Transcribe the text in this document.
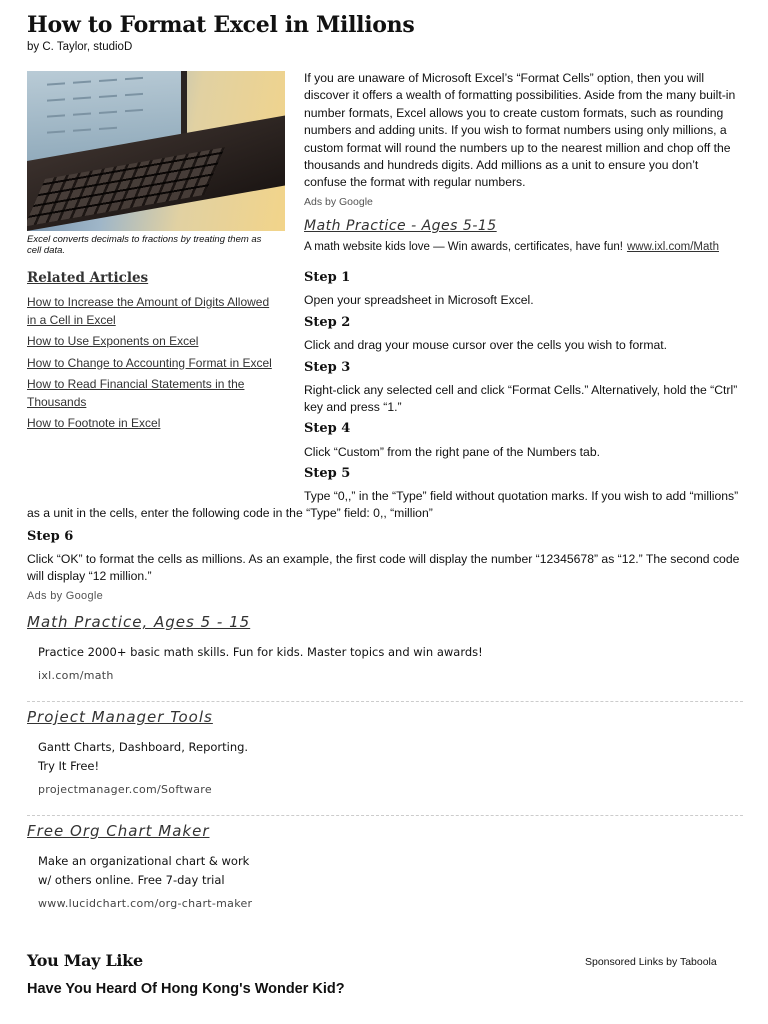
How to Format Excel in Millions
by C. Taylor, studioD
Excel converts decimals to fractions by treating them as cell data.
Related Articles
How to Increase the Amount of Digits Allowed in a Cell in Excel
How to Use Exponents on Excel
How to Change to Accounting Format in Excel
How to Read Financial Statements in the Thousands
How to Footnote in Excel

If you are unaware of Microsoft Excel’s “Format Cells” option, then you will discover it offers a wealth of formatting possibilities. Aside from the many built-in number formats, Excel allows you to create custom formats, such as rounding numbers and adding units. If you wish to format numbers using only millions, a custom format will round the numbers up to the nearest million and chop off the thousands and hundreds digits. Add millions as a unit to ensure you don’t confuse the format with regular numbers.

Ads by Google
Math Practice - Ages 5-15
A math website kids love — Win awards, certificates, have fun! www.ixl.com/Math
Step 1

Open your spreadsheet in Microsoft Excel.

Step 2

Click and drag your mouse cursor over the cells you wish to format.

Step 3

Right-click any selected cell and click “Format Cells.” Alternatively, hold the “Ctrl” key and press “1.”

Step 4

Click “Custom” from the right pane of the Numbers tab.

Step 5

Type “0,,” in the “Type” field without quotation marks. If you wish to add “millions” as a unit in the cells, enter the following code in the “Type” field: 0,, “million”

Step 6

Click “OK” to format the cells as millions. As an example, the first code will display the number “12345678” as “12.” The second code will display “12 million.”

Ads by Google
Math Practice, Ages 5 - 15
Practice 2000+ basic math skills. Fun for kids. Master topics and win awards!
ixl.com/math
Project Manager Tools
Gantt Charts, Dashboard, Reporting.
Try It Free!
projectmanager.com/Software
Free Org Chart Maker
Make an organizational chart & work
w/ others online. Free 7-day trial
www.lucidchart.com/org-chart-maker
You May Like	Sponsored Links by Taboola
Have You Heard Of Hong Kong's Wonder Kid?
